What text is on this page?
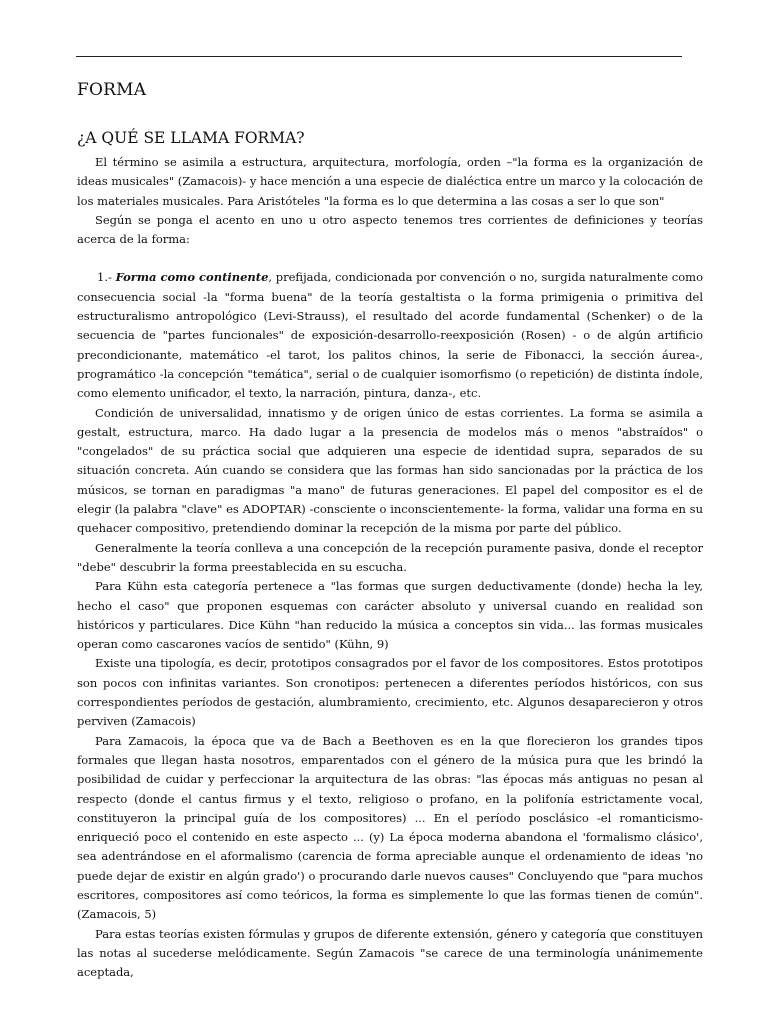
FORMA
¿A QUÉ SE LLAMA FORMA?

El término se asimila a estructura, arquitectura, morfología, orden –"la forma es la organización de ideas musicales" (Zamacois)- y hace mención a una especie de dialéctica entre un marco y la colocación de los materiales musicales. Para Aristóteles "la forma es lo que determina a las cosas a ser lo que son"

Según se ponga el acento en uno u otro aspecto tenemos tres corrientes de definiciones y teorías acerca de la forma:

1.- Forma como continente, prefijada, condicionada por convención o no, surgida naturalmente como consecuencia social -la "forma buena" de la teoría gestaltista o la forma primigenia o primitiva del estructuralismo antropológico (Levi-Strauss), el resultado del acorde fundamental (Schenker) o de la secuencia de "partes funcionales" de exposición-desarrollo-reexposición (Rosen) - o de algún artificio precondicionante, matemático -el tarot, los palitos chinos, la serie de Fibonacci, la sección áurea-, programático -la concepción "temática", serial o de cualquier isomorfismo (o repetición) de distinta índole, como elemento unificador, el texto, la narración, pintura, danza-, etc.

Condición de universalidad, innatismo y de origen único de estas corrientes. La forma se asimila a gestalt, estructura, marco. Ha dado lugar a la presencia de modelos más o menos "abstraídos" o "congelados" de su práctica social que adquieren una especie de identidad supra, separados de su situación concreta. Aún cuando se considera que las formas han sido sancionadas por la práctica de los músicos, se tornan en paradigmas "a mano" de futuras generaciones. El papel del compositor es el de elegir (la palabra "clave" es ADOPTAR) -consciente o inconscientemente- la forma, validar una forma en su quehacer compositivo, pretendiendo dominar la recepción de la misma por parte del público.

Generalmente la teoría conlleva a una concepción de la recepción puramente pasiva, donde el receptor "debe" descubrir la forma preestablecida en su escucha.

Para Kühn esta categoría pertenece a "las formas que surgen deductivamente (donde) hecha la ley, hecho el caso" que proponen esquemas con carácter absoluto y universal cuando en realidad son históricos y particulares. Dice Kühn "han reducido la música a conceptos sin vida... las formas musicales operan como cascarones vacíos de sentido" (Kühn, 9)

Existe una tipología, es decir, prototipos consagrados por el favor de los compositores. Estos prototipos son pocos con infinitas variantes. Son cronotipos: pertenecen a diferentes períodos históricos, con sus correspondientes períodos de gestación, alumbramiento, crecimiento, etc. Algunos desaparecieron y otros perviven (Zamacois)

Para Zamacois, la época que va de Bach a Beethoven es en la que florecieron los grandes tipos formales que llegan hasta nosotros, emparentados con el género de la música pura que les brindó la posibilidad de cuidar y perfeccionar la arquitectura de las obras: "las épocas más antiguas no pesan al respecto (donde el cantus firmus y el texto, religioso o profano, en la polifonía estrictamente vocal, constituyeron la principal guía de los compositores) ... En el período posclásico -el romanticismo- enriqueció poco el contenido en este aspecto ... (y) La época moderna abandona el 'formalismo clásico', sea adentrándose en el aformalismo (carencia de forma apreciable aunque el ordenamiento de ideas 'no puede dejar de existir en algún grado') o procurando darle nuevos causes" Concluyendo que "para muchos escritores, compositores así como teóricos, la forma es simplemente lo que las formas tienen de común". (Zamacois, 5)

Para estas teorías existen fórmulas y grupos de diferente extensión, género y categoría que constituyen las notas al sucederse melódicamente. Según Zamacois "se carece de una terminología unánimemente aceptada,
